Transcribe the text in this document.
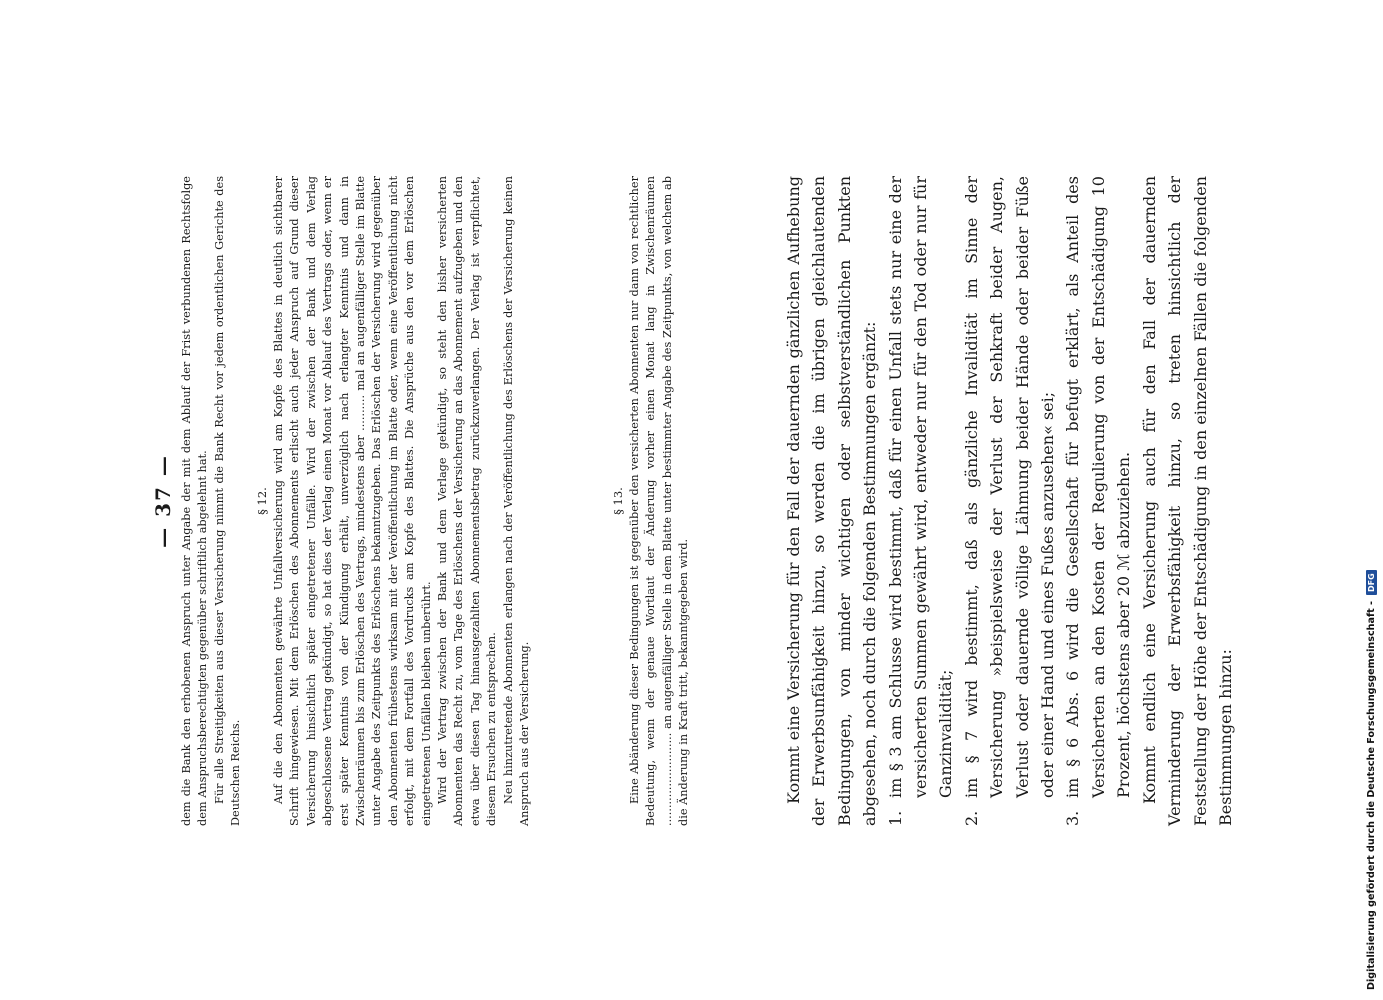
— 37 — dem die Bank den erhobenen Anspruch unter Angabe der mit dem Ablauf der Frist verbundenen Rechtsfolge dem Anspruchsberechtigten gegenüber schriftlich abgelehnt hat. Für alle Streitigkeiten aus dieser Versicherung nimmt die Bank Recht vor jedem ordentlichen Gerichte des Deutschen Reichs.

§ 12. Auf die den Abonnenten gewährte Unfallversicherung wird am Kopfe des Blattes in deutlich sichtbarer Schrift hingewiesen. Mit dem Erlöschen des Abonnements erlischt auch jeder Anspruch auf Grund dieser Versicherung hinsichtlich später eingetretener Unfälle. Wird der zwischen der Bank und dem Verlag abgeschlossene Vertrag gekündigt, so hat dies der Verlag einen Monat vor Ablauf des Vertrags oder, wenn er erst später Kenntnis von der Kündigung erhält, unverzüglich nach erlangter Kenntnis und dann in Zwischenräumen bis zum Erlöschen des Vertrags, mindestens aber .......... mal an augenfälliger Stelle im Blatte unter Angabe des Zeitpunkts des Erlöschens bekanntzugeben. Das Erlöschen der Versicherung wird gegenüber den Abonnenten frühestens wirksam mit der Veröffentlichung im Blatte oder, wenn eine Veröffentlichung nicht erfolgt, mit dem Fortfall des Vordrucks am Kopfe des Blattes. Die Ansprüche aus den vor dem Erlöschen eingetretenen Unfällen bleiben unberührt. Wird der Vertrag zwischen der Bank und dem Verlage gekündigt, so steht den bisher versicherten Abonnenten das Recht zu, vom Tage des Erlöschens der Versicherung an das Abonnement aufzugeben und den etwa über diesen Tag hinausgezahlten Abonnementsbetrag zurückzuverlangen. Der Verlag ist verpflichtet, diesem Ersuchen zu entsprechen. Neu hinzutretende Abonnenten erlangen nach der Veröffentlichung des Erlöschens der Versicherung keinen Anspruch aus der Versicherung.

§ 13. Eine Abänderung dieser Bedingungen ist gegenüber den versicherten Abonnenten nur dann von rechtlicher Bedeutung, wenn der genaue Wortlaut der Änderung vorher einen Monat lang in Zwischenräumen .......................... an augenfälliger Stelle in dem Blatte unter bestimmter Angabe des Zeitpunkts, von welchem ab die Änderung in Kraft tritt, bekanntgegeben wird.	Kommt eine Versicherung für den Fall der dauernden gänzlichen Aufhebung der Erwerbsunfähigkeit hinzu, so werden die im übrigen gleichlautenden Bedingungen, von minder wichtigen oder selbstverständlichen Punkten abgesehen, noch durch die folgenden Bestimmungen ergänzt: 1.
im § 3 am Schlusse wird bestimmt, daß für einen Unfall stets nur eine der versicherten Summen gewährt wird, entweder nur für den Tod oder nur für Ganzinvalidität;
2.
im § 7 wird bestimmt, daß als gänzliche Invalidität im Sinne der Versicherung »beispielsweise der Verlust der Sehkraft beider Augen, Verlust oder dauernde völlige Lähmung beider Hände oder beider Füße oder einer Hand und eines Fußes anzusehen« sei;
3.
im § 6 Abs. 6 wird die Gesellschaft für befugt erklärt, als Anteil des Versicherten an den Kosten der Regulierung von der Entschädigung 10 Prozent, höchstens aber 20 ℳ abzuziehen. Kommt endlich eine Versicherung auch für den Fall der dauernden Verminderung der Erwerbsfähigkeit hinzu, so treten hinsichtlich der Feststellung der Höhe der Entschädigung in den einzelnen Fällen die folgenden Bestimmungen hinzu:	Digitalisierung gefördert durch die Deutsche Forschungsgemeinschaft -
DFG
